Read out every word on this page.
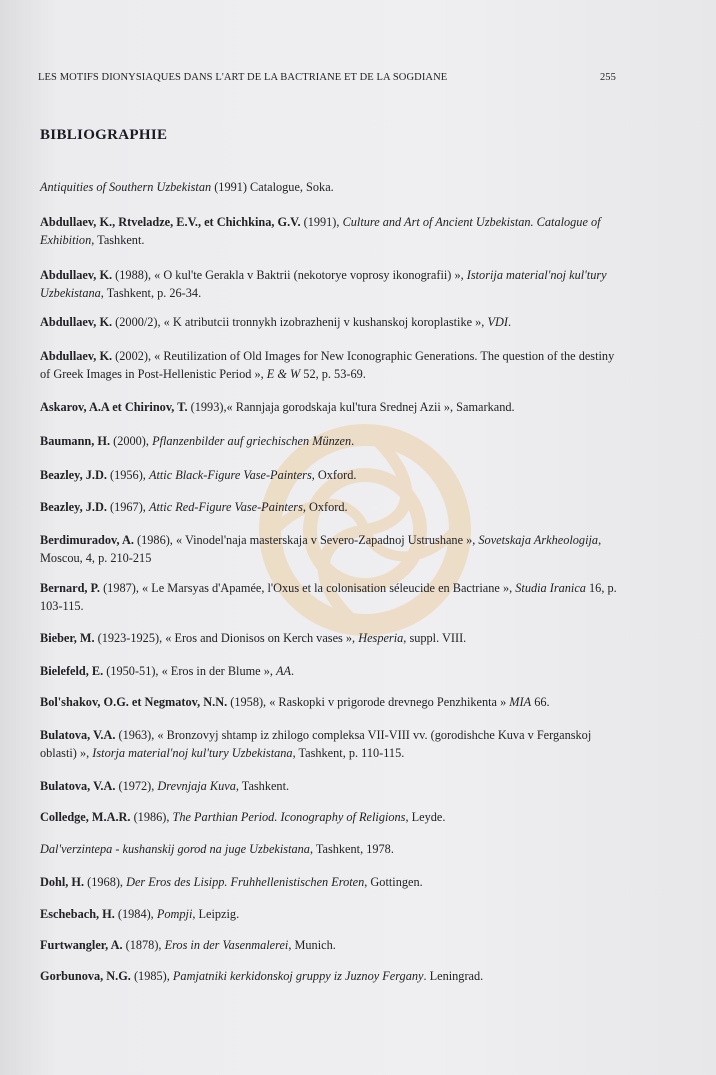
LES MOTIFS DIONYSIAQUES DANS L'ART DE LA BACTRIANE ET DE LA SOGDIANE	255
BIBLIOGRAPHIE
Antiquities of Southern Uzbekistan (1991) Catalogue, Soka.
Abdullaev, K., Rtveladze, E.V., et Chichkina, G.V. (1991), Culture and Art of Ancient Uzbekistan. Catalogue of Exhibition, Tashkent.
Abdullaev, K. (1988), « O kul'te Gerakla v Baktrii (nekotorye voprosy ikonografii) », Istorija material'noj kul'tury Uzbekistana, Tashkent, p. 26-34.
Abdullaev, K. (2000/2), « K atributcii tronnykh izobrazhenij v kushanskoj koroplastike », VDI.
Abdullaev, K. (2002), « Reutilization of Old Images for New Iconographic Generations. The question of the destiny of Greek Images in Post-Hellenistic Period », E & W 52, p. 53-69.
Askarov, A.A et Chirinov, T. (1993),« Rannjaja gorodskaja kul'tura Srednej Azii », Samarkand.
Baumann, H. (2000), Pflanzenbilder auf griechischen Münzen.
Beazley, J.D. (1956), Attic Black-Figure Vase-Painters, Oxford.
Beazley, J.D. (1967), Attic Red-Figure Vase-Painters, Oxford.
Berdimuradov, A. (1986), « Vinodel'naja masterskaja v Severo-Zapadnoj Ustrushane », Sovetskaja Arkheologija, Moscou, 4, p. 210-215
Bernard, P. (1987), « Le Marsyas d'Apamée, l'Oxus et la colonisation séleucide en Bactriane », Studia Iranica 16, p. 103-115.
Bieber, M. (1923-1925), « Eros and Dionisos on Kerch vases », Hesperia, suppl. VIII.
Bielefeld, E. (1950-51), « Eros in der Blume », AA.
Bol'shakov, O.G. et Negmatov, N.N. (1958), « Raskopki v prigorode drevnego Penzhikenta » MIA 66.
Bulatova, V.A. (1963), « Bronzovyj shtamp iz zhilogo compleksa VII-VIII vv. (gorodishche Kuva v Ferganskoj oblasti) », Istorja material'noj kul'tury Uzbekistana, Tashkent, p. 110-115.
Bulatova, V.A. (1972), Drevnjaja Kuva, Tashkent.
Colledge, M.A.R. (1986), The Parthian Period. Iconography of Religions, Leyde.
Dal'verzintepa - kushanskij gorod na juge Uzbekistana, Tashkent, 1978.
Dohl, H. (1968), Der Eros des Lisipp. Fruhhellenistischen Eroten, Gottingen.
Eschebach, H. (1984), Pompji, Leipzig.
Furtwangler, A. (1878), Eros in der Vasenmalerei, Munich.
Gorbunova, N.G. (1985), Pamjatniki kerkidonskoj gruppy iz Juznoy Fergany. Leningrad.
